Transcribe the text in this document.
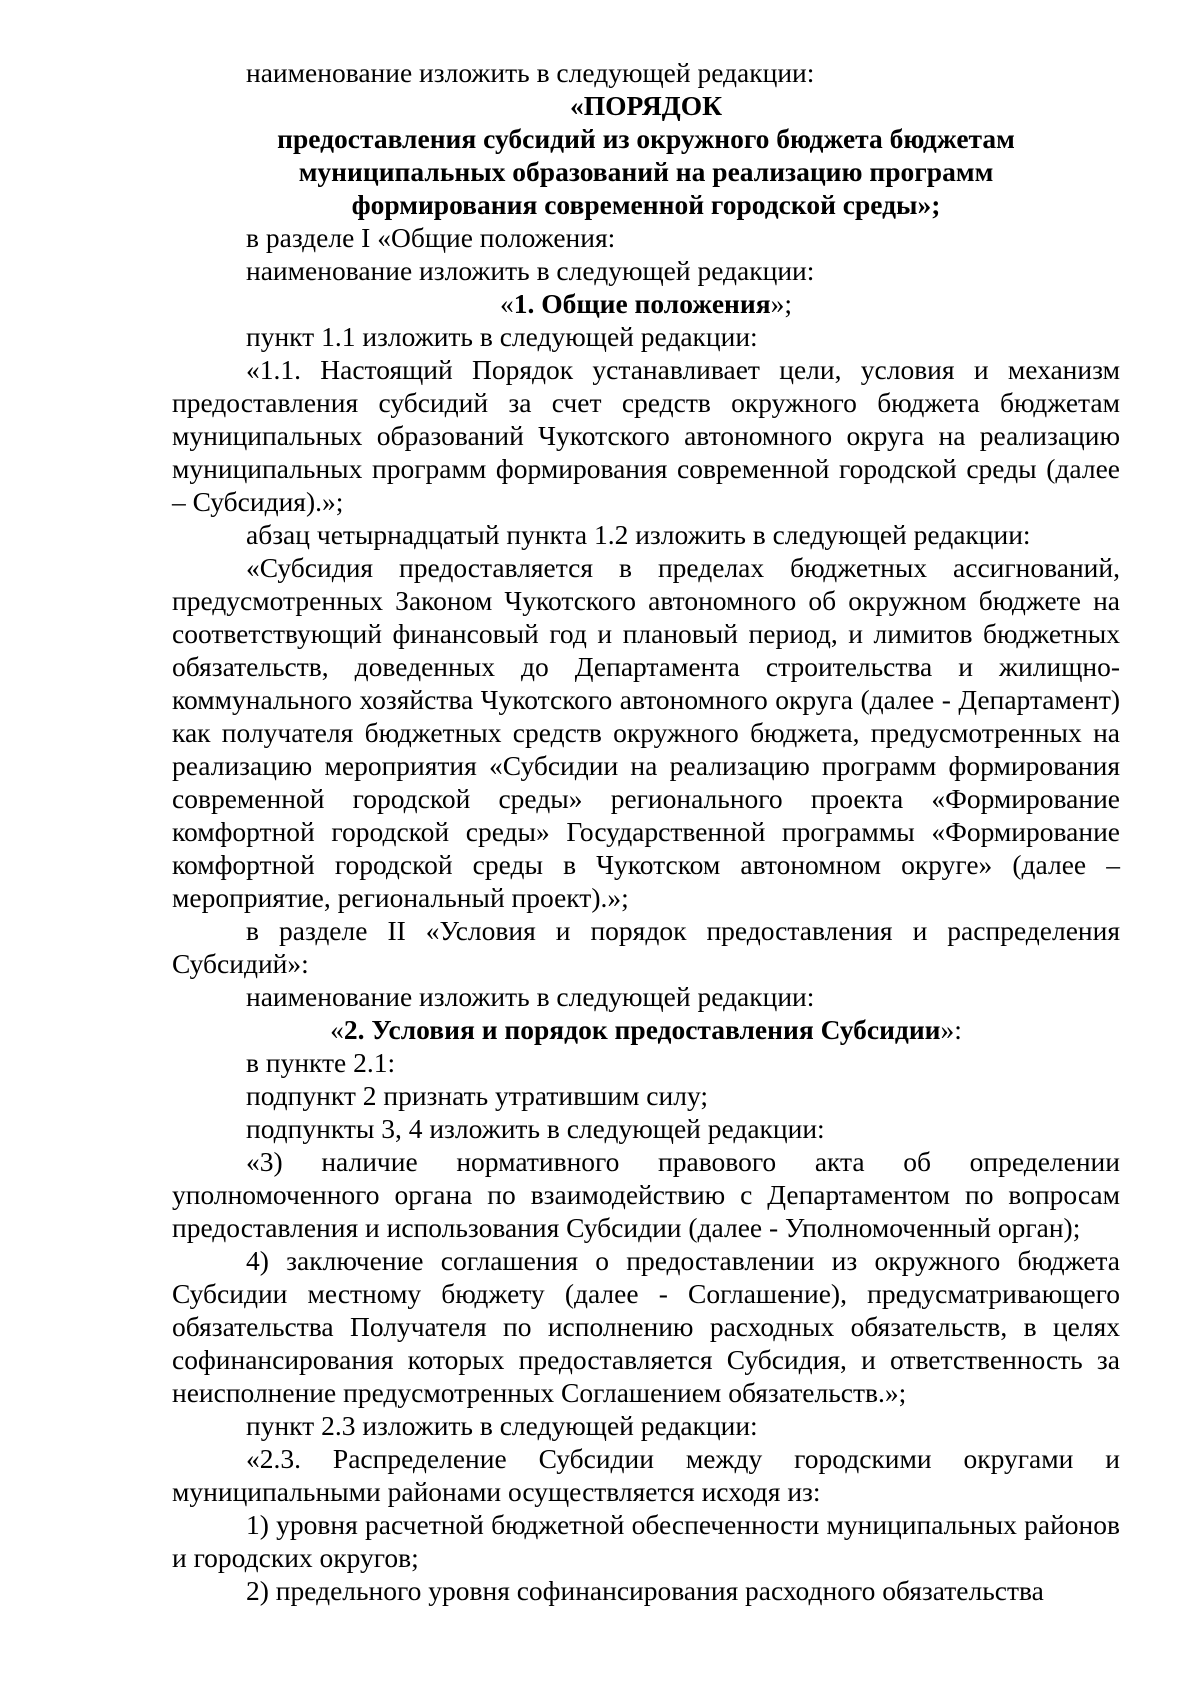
наименование изложить в следующей редакции:

«ПОРЯДОК

предоставления субсидий из окружного бюджета бюджетам муниципальных образований на реализацию программ формирования современной городской среды»;

в разделе I «Общие положения:

наименование изложить в следующей редакции:

«1. Общие положения»;

пункт 1.1 изложить в следующей редакции:

«1.1. Настоящий Порядок устанавливает цели, условия и механизм предоставления субсидий за счет средств окружного бюджета бюджетам муниципальных образований Чукотского автономного округа на реализацию муниципальных программ формирования современной городской среды (далее – Субсидия).»;

абзац четырнадцатый пункта 1.2 изложить в следующей редакции:

«Субсидия предоставляется в пределах бюджетных ассигнований, предусмотренных Законом Чукотского автономного об окружном бюджете на соответствующий финансовый год и плановый период, и лимитов бюджетных обязательств, доведенных до Департамента строительства и жилищно-коммунального хозяйства Чукотского автономного округа (далее - Департамент) как получателя бюджетных средств окружного бюджета, предусмотренных на реализацию мероприятия «Субсидии на реализацию программ формирования современной городской среды» регионального проекта «Формирование комфортной городской среды» Государственной программы «Формирование комфортной городской среды в Чукотском автономном округе» (далее – мероприятие, региональный проект).»;

в разделе II «Условия и порядок предоставления и распределения Субсидий»:

наименование изложить в следующей редакции:

«2. Условия и порядок предоставления Субсидии»:

в пункте 2.1:

подпункт 2 признать утратившим силу;

подпункты 3, 4 изложить в следующей редакции:

«3) наличие нормативного правового акта об определении уполномоченного органа по взаимодействию с Департаментом по вопросам предоставления и использования Субсидии (далее - Уполномоченный орган);

4) заключение соглашения о предоставлении из окружного бюджета Субсидии местному бюджету (далее - Соглашение), предусматривающего обязательства Получателя по исполнению расходных обязательств, в целях софинансирования которых предоставляется Субсидия, и ответственность за неисполнение предусмотренных Соглашением обязательств.»;

пункт 2.3 изложить в следующей редакции:

«2.3. Распределение Субсидии между городскими округами и муниципальными районами осуществляется исходя из:

1) уровня расчетной бюджетной обеспеченности муниципальных районов и городских округов;

2) предельного уровня софинансирования расходного обязательства
